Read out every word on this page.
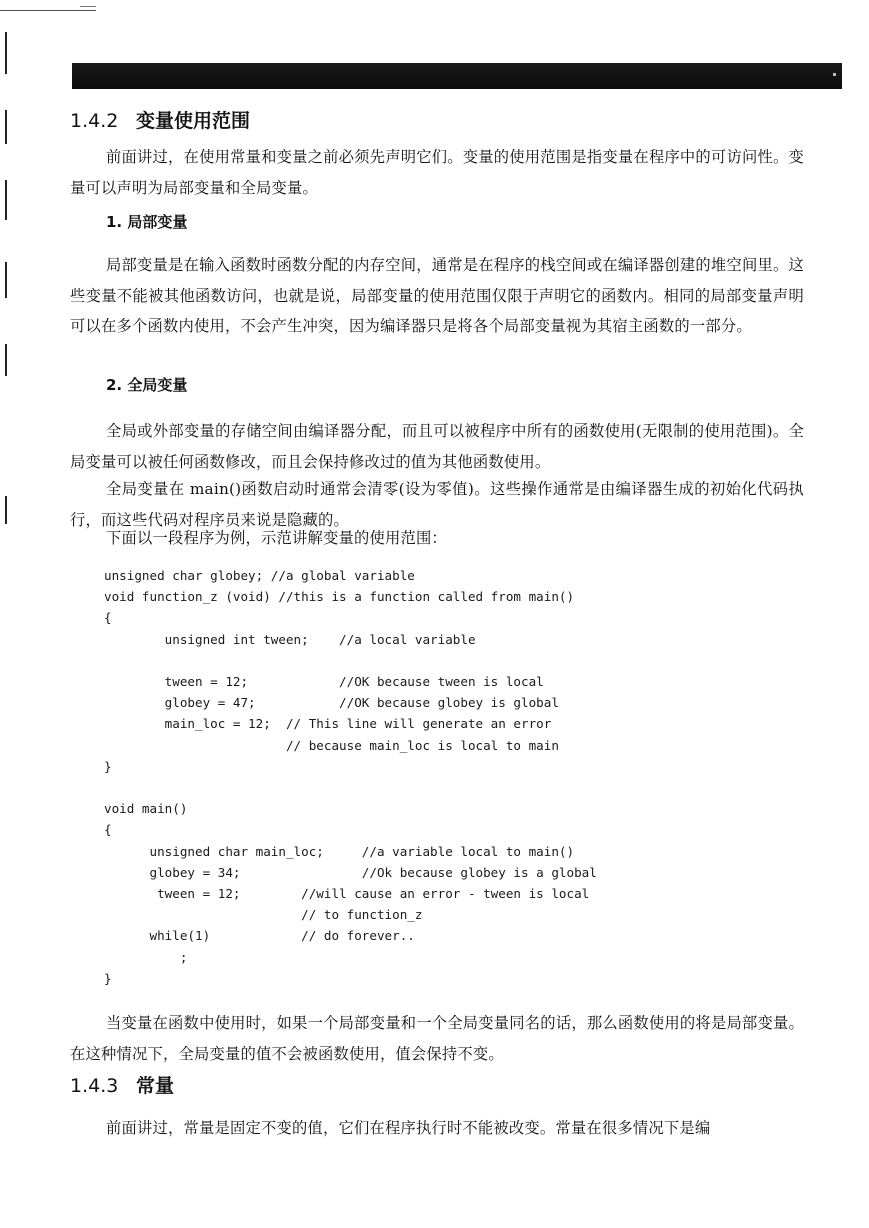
1.4.2 变量使用范围

前面讲过，在使用常量和变量之前必须先声明它们。变量的使用范围是指变量在程序中的可访问性。变量可以声明为局部变量和全局变量。

1. 局部变量

局部变量是在输入函数时函数分配的内存空间，通常是在程序的栈空间或在编译器创建的堆空间里。这些变量不能被其他函数访问，也就是说，局部变量的使用范围仅限于声明它的函数内。相同的局部变量声明可以在多个函数内使用，不会产生冲突，因为编译器只是将各个局部变量视为其宿主函数的一部分。

2. 全局变量

全局或外部变量的存储空间由编译器分配，而且可以被程序中所有的函数使用(无限制的使用范围)。全局变量可以被任何函数修改，而且会保持修改过的值为其他函数使用。

全局变量在 main()函数启动时通常会清零(设为零值)。这些操作通常是由编译器生成的初始化代码执行，而这些代码对程序员来说是隐藏的。

下面以一段程序为例，示范讲解变量的使用范围：

unsigned char globey; //a global variable
void function_z (void) //this is a function called from main()
{
unsigned int tween;    //a local variable

tween = 12;            //OK because tween is local
globey = 47;           //OK because globey is global
main_loc = 12;  // This line will generate an error
// because main_loc is local to main
}

void main()
{
unsigned char main_loc;     //a variable local to main()
globey = 34;                //Ok because globey is a global
tween = 12;        //will cause an error - tween is local
// to function_z
while(1)            // do forever..
;
}

当变量在函数中使用时，如果一个局部变量和一个全局变量同名的话，那么函数使用的将是局部变量。在这种情况下，全局变量的值不会被函数使用，值会保持不变。

1.4.3 常量

前面讲过，常量是固定不变的值，它们在程序执行时不能被改变。常量在很多情况下是编
